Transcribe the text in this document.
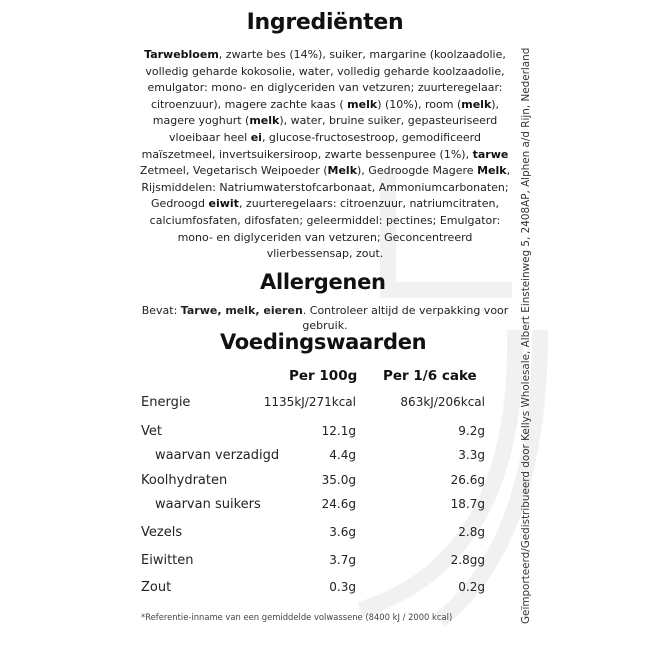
Ingrediënten
Tarwebloem, zwarte bes (14%), suiker, margarine (koolzaadolie, volledig geharde kokosolie, water, volledig geharde koolzaadolie, emulgator: mono- en diglyceriden van vetzuren; zuurteregelaar: citroenzuur), magere zachte kaas ( melk) (10%), room (melk), magere yoghurt (melk), water, bruine suiker, gepasteuriseerd vloeibaar heel ei, glucose-fructosestroop, gemodificeerd maïszetmeel, invertsuikersiroop, zwarte bessenpuree (1%), tarwe Zetmeel, Vegetarisch Weipoeder (Melk), Gedroogde Magere Melk, Rijsmiddelen: Natriumwaterstofcarbonaat, Ammoniumcarbonaten; Gedroogd eiwit, zuurteregelaars: citroenzuur, natriumcitraten, calciumfosfaten, difosfaten; geleermiddel: pectines; Emulgator: mono- en diglyceriden van vetzuren; Geconcentreerd vlierbessensap, zout.
Allergenen
Bevat: Tarwe, melk, eieren. Controleer altijd de verpakking voor gebruik.
Voedingswaarden
Per 100g Per 1/6 cake
Energie	1135kJ/271kcal	863kJ/206kcal
Vet	12.1g	9.2g
waarvan verzadigd	4.4g	3.3g
Koolhydraten	35.0g	26.6g
waarvan suikers	24.6g	18.7g
Vezels	3.6g	2.8g
Eiwitten	3.7g	2.8gg
Zout	0.3g	0.2g
*Referentie-inname van een gemiddelde volwassene (8400 kJ / 2000 kcal)	Geïmporteerd/Gedistribueerd door Kellys Wholesale, Albert Einsteinweg 5, 2408AP, Alphen a/d Rijn, Nederland
